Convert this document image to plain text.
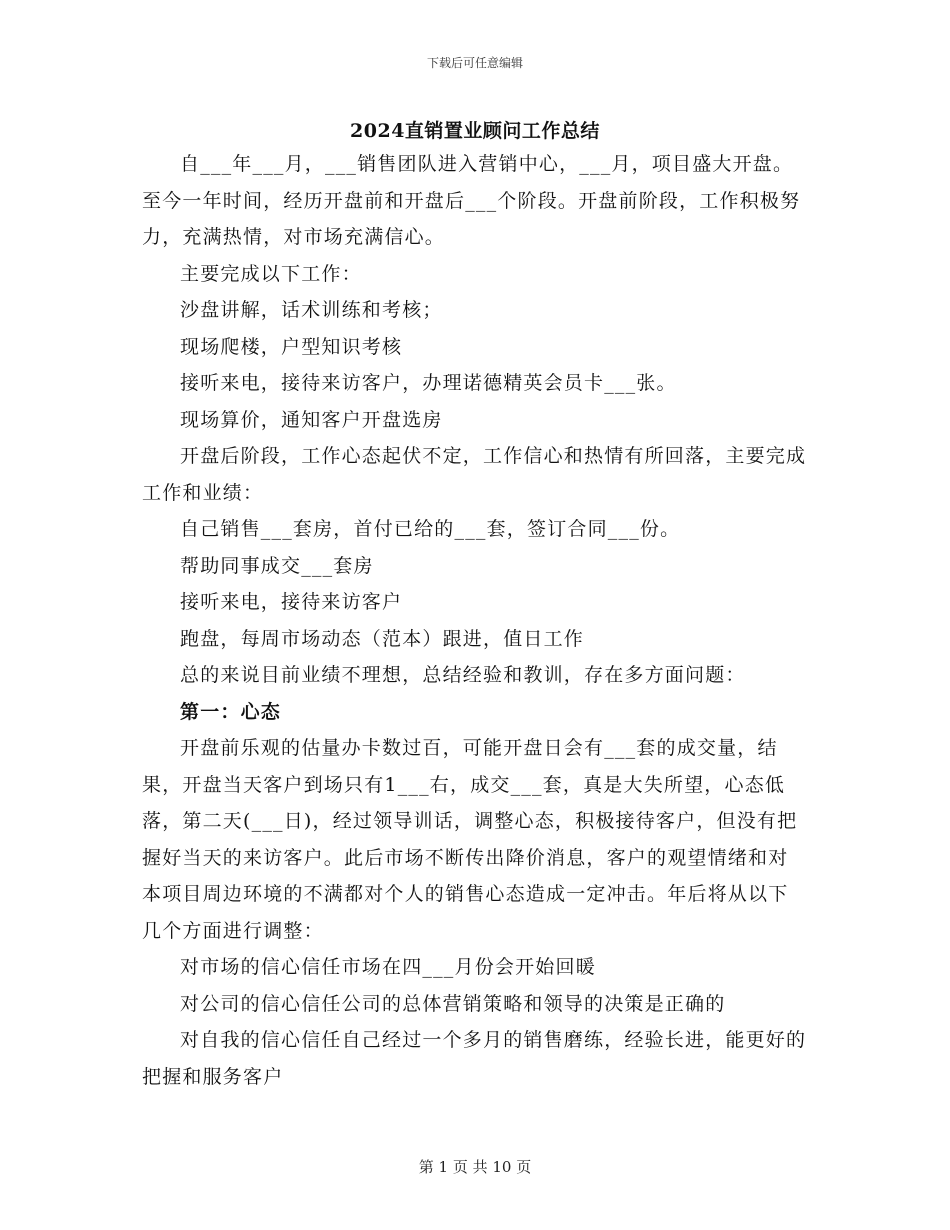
下载后可任意编辑
2024直销置业顾问工作总结

自___年___月，___销售团队进入营销中心，___月，项目盛大开盘。至今一年时间，经历开盘前和开盘后___个阶段。开盘前阶段，工作积极努力，充满热情，对市场充满信心。

主要完成以下工作：

沙盘讲解，话术训练和考核；

现场爬楼，户型知识考核

接听来电，接待来访客户，办理诺德精英会员卡___张。

现场算价，通知客户开盘选房

开盘后阶段，工作心态起伏不定，工作信心和热情有所回落，主要完成工作和业绩：

自己销售___套房，首付已给的___套，签订合同___份。

帮助同事成交___套房

接听来电，接待来访客户

跑盘，每周市场动态（范本）跟进，值日工作

总的来说目前业绩不理想，总结经验和教训，存在多方面问题：

第一：心态

开盘前乐观的估量办卡数过百，可能开盘日会有___套的成交量，结果，开盘当天客户到场只有1___右，成交___套，真是大失所望，心态低落，第二天(___日)，经过领导训话，调整心态，积极接待客户，但没有把握好当天的来访客户。此后市场不断传出降价消息，客户的观望情绪和对本项目周边环境的不满都对个人的销售心态造成一定冲击。年后将从以下几个方面进行调整：

对市场的信心信任市场在四___月份会开始回暖

对公司的信心信任公司的总体营销策略和领导的决策是正确的

对自我的信心信任自己经过一个多月的销售磨练，经验长进，能更好的把握和服务客户

第 1 页 共 10 页
